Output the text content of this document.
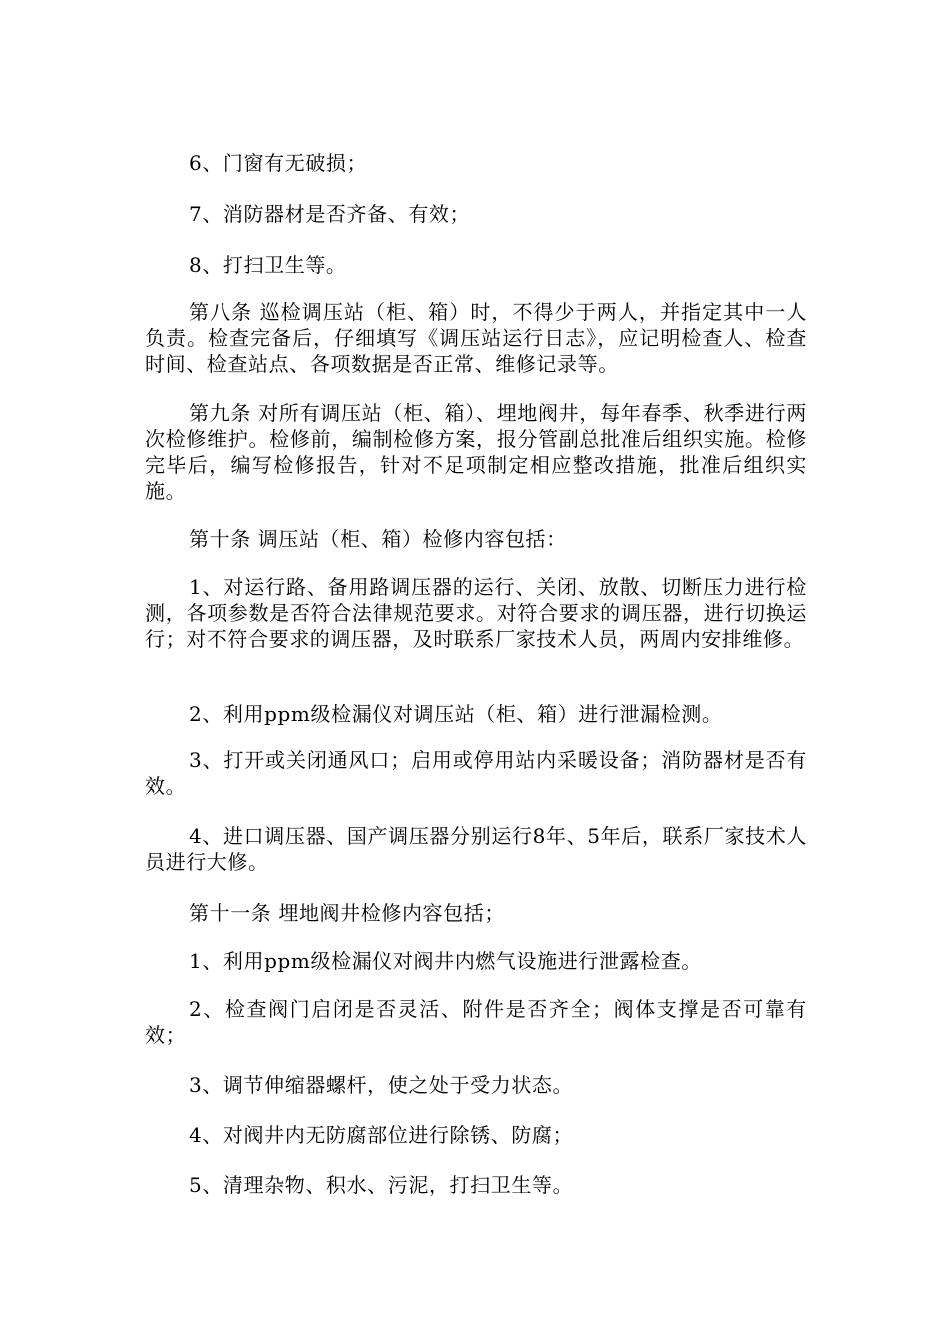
6、门窗有无破损；

7、消防器材是否齐备、有效；

8、打扫卫生等。

第八条 巡检调压站（柜、箱）时，不得少于两人，并指定其中一人负责。检查完备后，仔细填写《调压站运行日志》，应记明检查人、检查时间、检查站点、各项数据是否正常、维修记录等。

第九条 对所有调压站（柜、箱）、埋地阀井，每年春季、秋季进行两次检修维护。检修前，编制检修方案，报分管副总批准后组织实施。检修完毕后，编写检修报告，针对不足项制定相应整改措施，批准后组织实施。

第十条 调压站（柜、箱）检修内容包括：

1、对运行路、备用路调压器的运行、关闭、放散、切断压力进行检测，各项参数是否符合法律规范要求。对符合要求的调压器，进行切换运行；对不符合要求的调压器，及时联系厂家技术人员，两周内安排维修。

2、利用ppm级检漏仪对调压站（柜、箱）进行泄漏检测。

3、打开或关闭通风口；启用或停用站内采暖设备；消防器材是否有效。

4、进口调压器、国产调压器分别运行8年、5年后，联系厂家技术人员进行大修。

第十一条 埋地阀井检修内容包括；

1、利用ppm级检漏仪对阀井内燃气设施进行泄露检查。

2、检查阀门启闭是否灵活、附件是否齐全；阀体支撑是否可靠有效；

3、调节伸缩器螺杆，使之处于受力状态。

4、对阀井内无防腐部位进行除锈、防腐；

5、清理杂物、积水、污泥，打扫卫生等。
